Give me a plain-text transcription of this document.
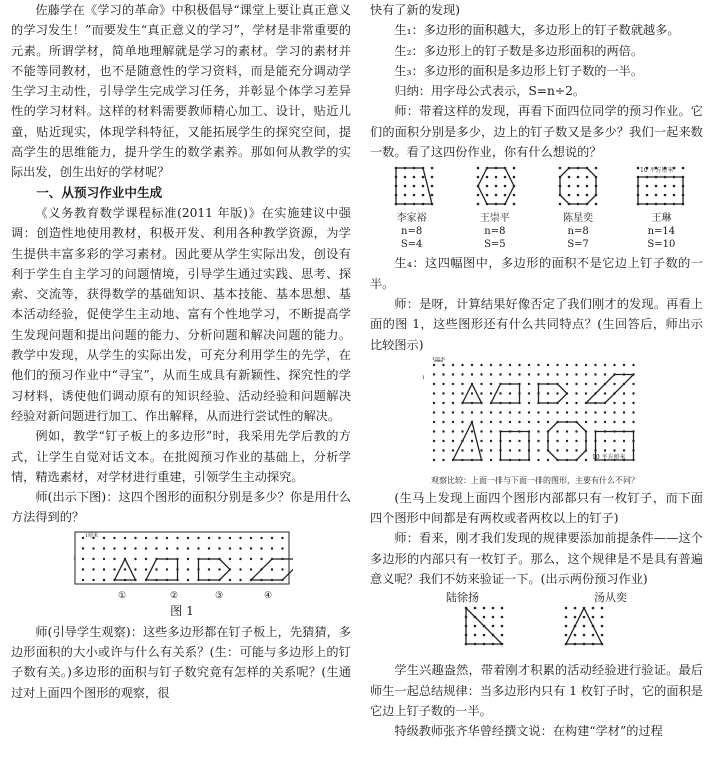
佐藤学在《学习的革命》中积极倡导“课堂上要让真正意义的学习发生！”而要发生“真正意义的学习”，学材是非常重要的元素。所谓学材，简单地理解就是学习的素材。学习的素材并不能等同教材，也不是随意性的学习资料，而是能充分调动学生学习主动性，引导学生完成学习任务，并彰显个体学习差异性的学习材料。这样的材料需要教师精心加工、设计，贴近儿童，贴近现实，体现学科特征，又能拓展学生的探究空间，提高学生的思维能力，提升学生的数学素养。那如何从教学的实际出发，创生出好的学材呢？

一、从预习作业中生成

《义务教育数学课程标准(2011 年版)》在实施建议中强调：创造性地使用教材，积极开发、利用各种教学资源，为学生提供丰富多彩的学习素材。因此要从学生实际出发，创设有利于学生自主学习的问题情境，引导学生通过实践、思考、探索、交流等，获得数学的基础知识、基本技能、基本思想、基本活动经验，促使学生主动地、富有个性地学习，不断提高学生发现问题和提出问题的能力、分析问题和解决问题的能力。教学中发现，从学生的实际出发，可充分利用学生的先学，在他们的预习作业中“寻宝”，从而生成具有新颖性、探究性的学习材料，诱使他们调动原有的知识经验、活动经验和问题解决经验对新问题进行加工、作出解释，从而进行尝试性的解决。

例如，教学“钉子板上的多边形”时，我采用先学后教的方式，让学生自觉对话文本。在批阅预习作业的基础上，分析学情，精选素材，对学材进行重建，引领学生主动探究。

师(出示下图)：这四个图形的面积分别是多少？你是用什么方法得到的？

1厘米
1
①	②	③	④
图 1

师(引导学生观察)：这些多边形都在钉子板上，先猜猜，多边形面积的大小或许与什么有关系？(生：可能与多边形上的钉子数有关。)多边形的面积与钉子数究竟有怎样的关系呢？(生通过对上面四个图形的观察，很

快有了新的发现)

生₁：多边形的面积越大，多边形上的钉子数就越多。

生₂：多边形上的钉子数是多边形面积的两倍。

生₃：多边形的面积是多边形上钉子数的一半。

归纳：用字母公式表示，S=n÷2。

师：带着这样的发现，再看下面四位同学的预习作业。它们的面积分别是多少，边上的钉子数又是多少？我们一起来数一数。看了这四份作业，你有什么想说的？

10 平方厘米
李家裕
n=8
S=4
王崇平
n=8
S=5
陈星奕
n=8
S=7
王琳
n=14
S=10

生₄：这四幅图中，多边形的面积不是它边上钉子数的一半。

师：是呀，计算结果好像否定了我们刚才的发现。再看上面的图 1，这些图形还有什么共同特点？(生回答后，师出示比较图示)

1厘米
1
10 平方厘米
观察比较：上面一排与下面一排的图形，主要有什么不同？

(生马上发现上面四个图形内部都只有一枚钉子，而下面四个图形中间都是有两枚或者两枚以上的钉子)

师：看来，刚才我们发现的规律要添加前提条件——这个多边形的内部只有一枚钉子。那么，这个规律是不是具有普遍意义呢？我们不妨来验证一下。(出示两份预习作业)

陆徐扬	汤从奕

学生兴趣盎然，带着刚才积累的活动经验进行验证。最后师生一起总结规律：当多边形内只有 1 枚钉子时，它的面积是它边上钉子数的一半。

特级教师张齐华曾经撰文说：在构建“学材”的过程
